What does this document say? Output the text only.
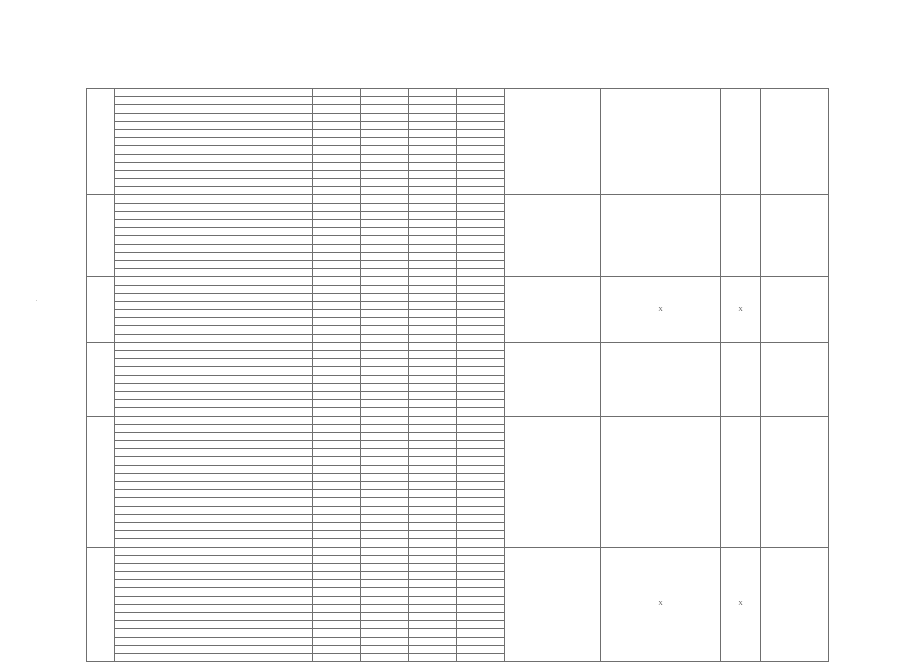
							X	X	

							X	X	
